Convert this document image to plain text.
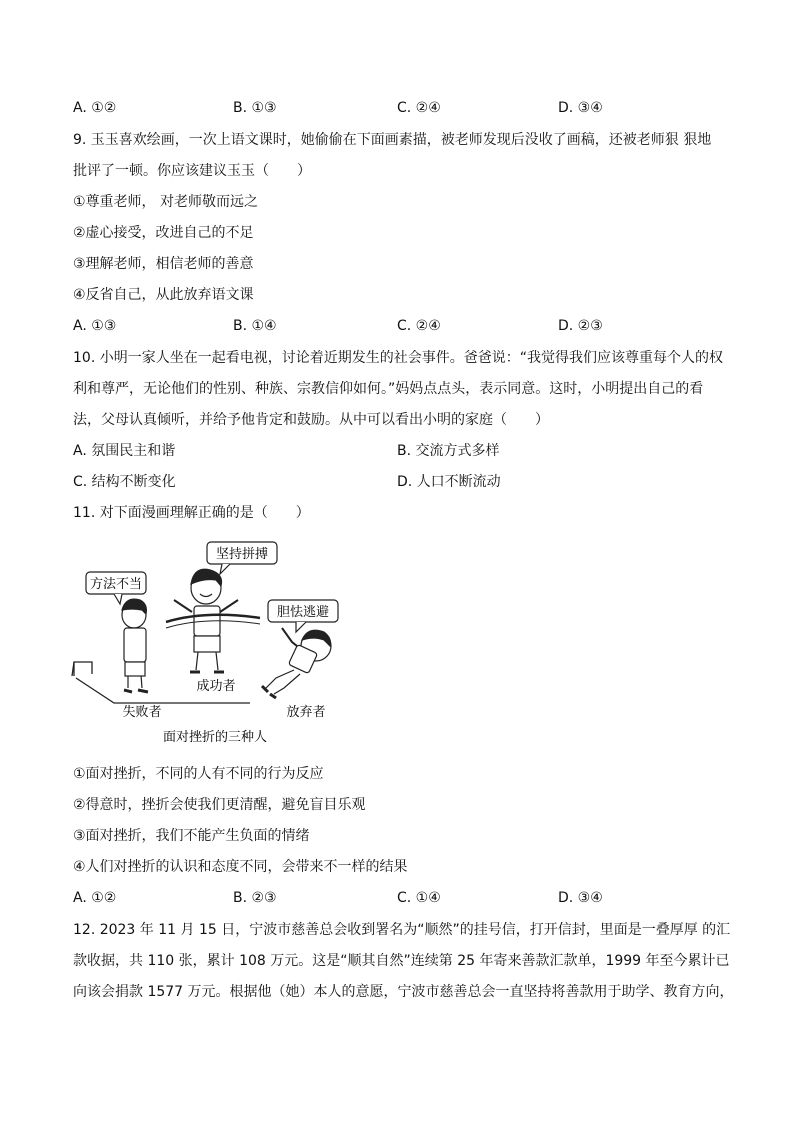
A. ①②	B. ①③	C. ②④	D. ③④
9. 玉玉喜欢绘画，一次上语文课时，她偷偷在下面画素描，被老师发现后没收了画稿，还被老师狠 狠地
批评了一顿。你应该建议玉玉（　　）
①尊重老师， 对老师敬而远之
②虚心接受，改进自己的不足
③理解老师，相信老师的善意
④反省自己，从此放弃语文课
A. ①③	B. ①④	C. ②④	D. ②③
10. 小明一家人坐在一起看电视，讨论着近期发生的社会事件。爸爸说：“我觉得我们应该尊重每个人的权
利和尊严，无论他们的性别、种族、宗教信仰如何。”妈妈点点头，表示同意。这时，小明提出自己的看
法，父母认真倾听，并给予他肯定和鼓励。从中可以看出小明的家庭（　　）
A. 氛围民主和谐	B. 交流方式多样
C. 结构不断变化	D. 人口不断流动
11. 对下面漫画理解正确的是（　　）
方法不当
坚持拼搏
胆怯逃避
失败者
成功者
放弃者
面对挫折的三种人
①面对挫折，不同的人有不同的行为反应
②得意时，挫折会使我们更清醒，避免盲目乐观
③面对挫折，我们不能产生负面的情绪
④人们对挫折的认识和态度不同，会带来不一样的结果
A. ①②	B. ②③	C. ①④	D. ③④
12. 2023 年 11 月 15 日，宁波市慈善总会收到署名为“顺然”的挂号信，打开信封，里面是一叠厚厚 的汇
款收据，共 110 张，累计 108 万元。这是“顺其自然”连续第 25 年寄来善款汇款单，1999 年至今累计已
向该会捐款 1577 万元。根据他（她）本人的意愿，宁波市慈善总会一直坚持将善款用于助学、教育方向，
